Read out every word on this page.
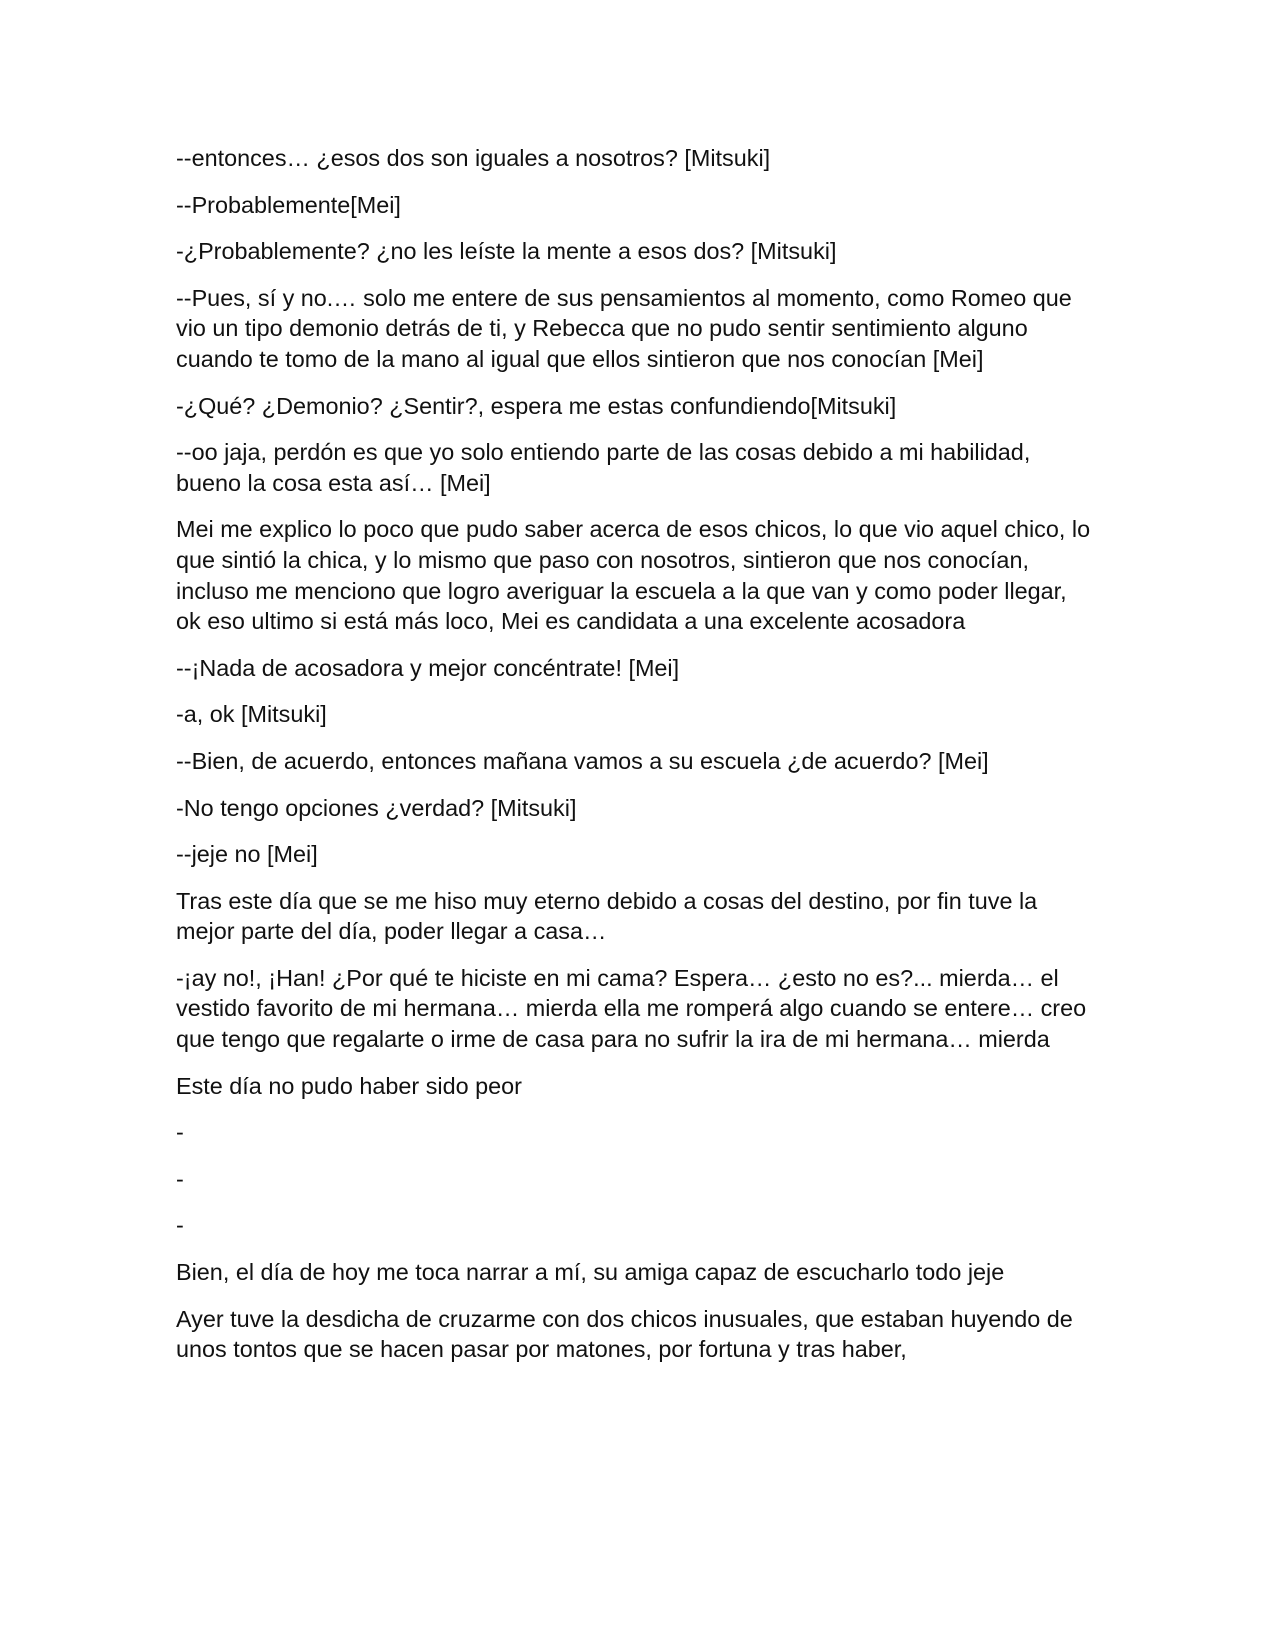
--entonces… ¿esos dos son iguales a nosotros? [Mitsuki]

--Probablemente[Mei]

-¿Probablemente? ¿no les leíste la mente a esos dos? [Mitsuki]

--Pues, sí y no.… solo me entere de sus pensamientos al momento, como Romeo que vio un tipo demonio detrás de ti, y Rebecca que no pudo sentir sentimiento alguno cuando te tomo de la mano al igual que ellos sintieron que nos conocían [Mei]

-¿Qué? ¿Demonio? ¿Sentir?, espera me estas confundiendo[Mitsuki]

--oo jaja, perdón es que yo solo entiendo parte de las cosas debido a mi habilidad, bueno la cosa esta así… [Mei]

Mei me explico lo poco que pudo saber acerca de esos chicos, lo que vio aquel chico, lo que sintió la chica, y lo mismo que paso con nosotros, sintieron que nos conocían, incluso me menciono que logro averiguar la escuela a la que van y como poder llegar, ok eso ultimo si está más loco, Mei es candidata a una excelente acosadora

--¡Nada de acosadora y mejor concéntrate! [Mei]

-a, ok [Mitsuki]

--Bien, de acuerdo, entonces mañana vamos a su escuela ¿de acuerdo? [Mei]

-No tengo opciones ¿verdad? [Mitsuki]

--jeje no [Mei]

Tras este día que se me hiso muy eterno debido a cosas del destino, por fin tuve la mejor parte del día, poder llegar a casa…

-¡ay no!, ¡Han! ¿Por qué te hiciste en mi cama? Espera… ¿esto no es?... mierda… el vestido favorito de mi hermana… mierda ella me romperá algo cuando se entere… creo que tengo que regalarte o irme de casa para no sufrir la ira de mi hermana… mierda

Este día no pudo haber sido peor

-

-

-

Bien, el día de hoy me toca narrar a mí, su amiga capaz de escucharlo todo jeje

Ayer tuve la desdicha de cruzarme con dos chicos inusuales, que estaban huyendo de unos tontos que se hacen pasar por matones, por fortuna y tras haber,
